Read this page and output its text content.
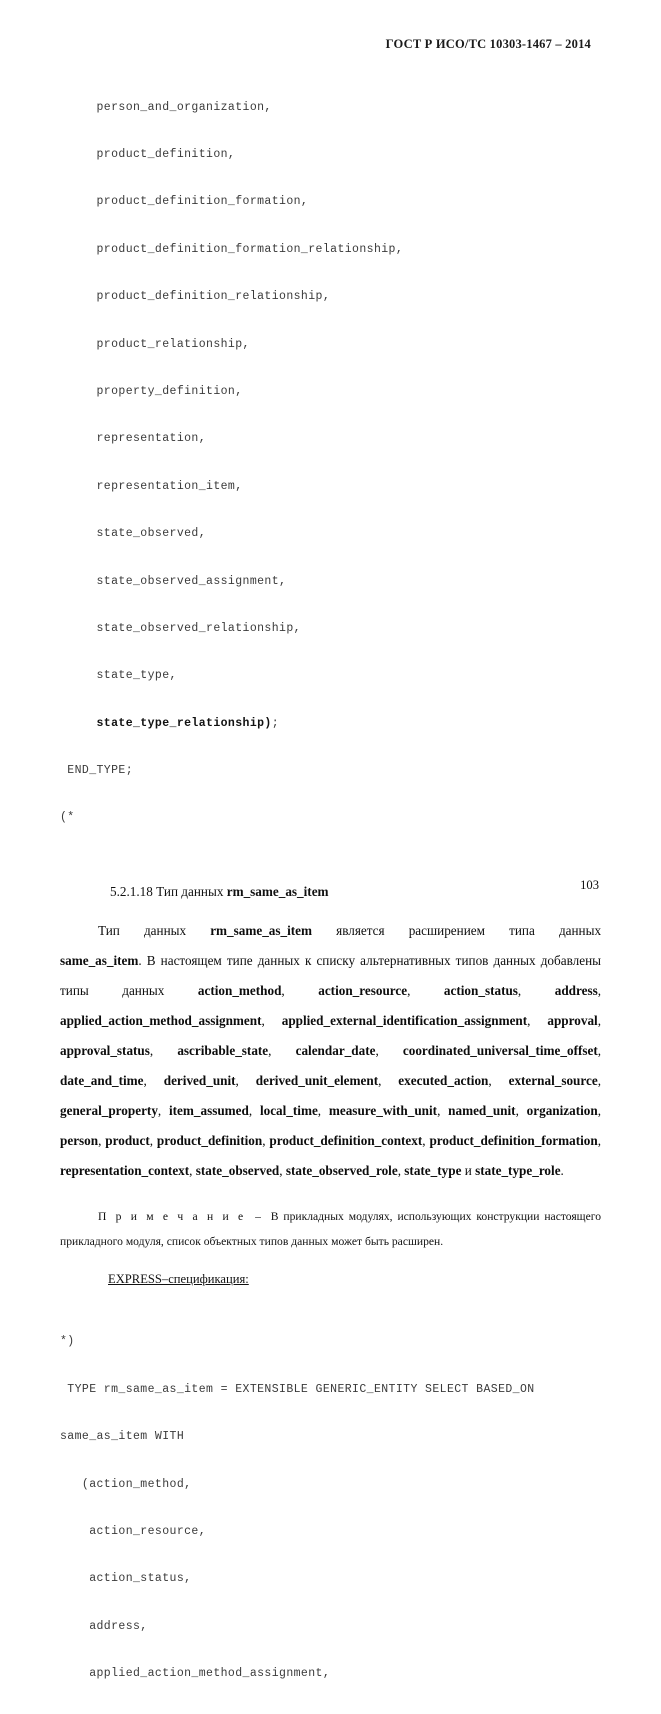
ГОСТ Р ИСО/ТС 10303-1467 – 2014

person_and_organization,

product_definition,

product_definition_formation,

product_definition_formation_relationship,

product_definition_relationship,

product_relationship,

property_definition,

representation,

representation_item,

state_observed,

state_observed_assignment,

state_observed_relationship,

state_type,

state_type_relationship);

END_TYPE;

(*

5.2.1.18 Тип данных rm_same_as_item
Тип данных rm_same_as_item является расширением типа данных same_as_item. В настоящем типе данных к списку альтернативных типов данных добавлены типы данных action_method, action_resource, action_status, address, applied_action_method_assignment, applied_external_identification_assignment, approval, approval_status, ascribable_state, calendar_date, coordinated_universal_time_offset, date_and_time, derived_unit, derived_unit_element, executed_action, external_source, general_property, item_assumed, local_time, measure_with_unit, named_unit, organization, person, product, product_definition, product_definition_context, product_definition_formation, representation_context, state_observed, state_observed_role, state_type и state_type_role.
П р и м е ч а н и е – В прикладных модулях, использующих конструкции настоящего прикладного модуля, список объектных типов данных может быть расширен.
EXPRESS–спецификация:

*)

TYPE rm_same_as_item = EXTENSIBLE GENERIC_ENTITY SELECT BASED_ON

same_as_item WITH

(action_method,

action_resource,

action_status,

address,

applied_action_method_assignment,

103
